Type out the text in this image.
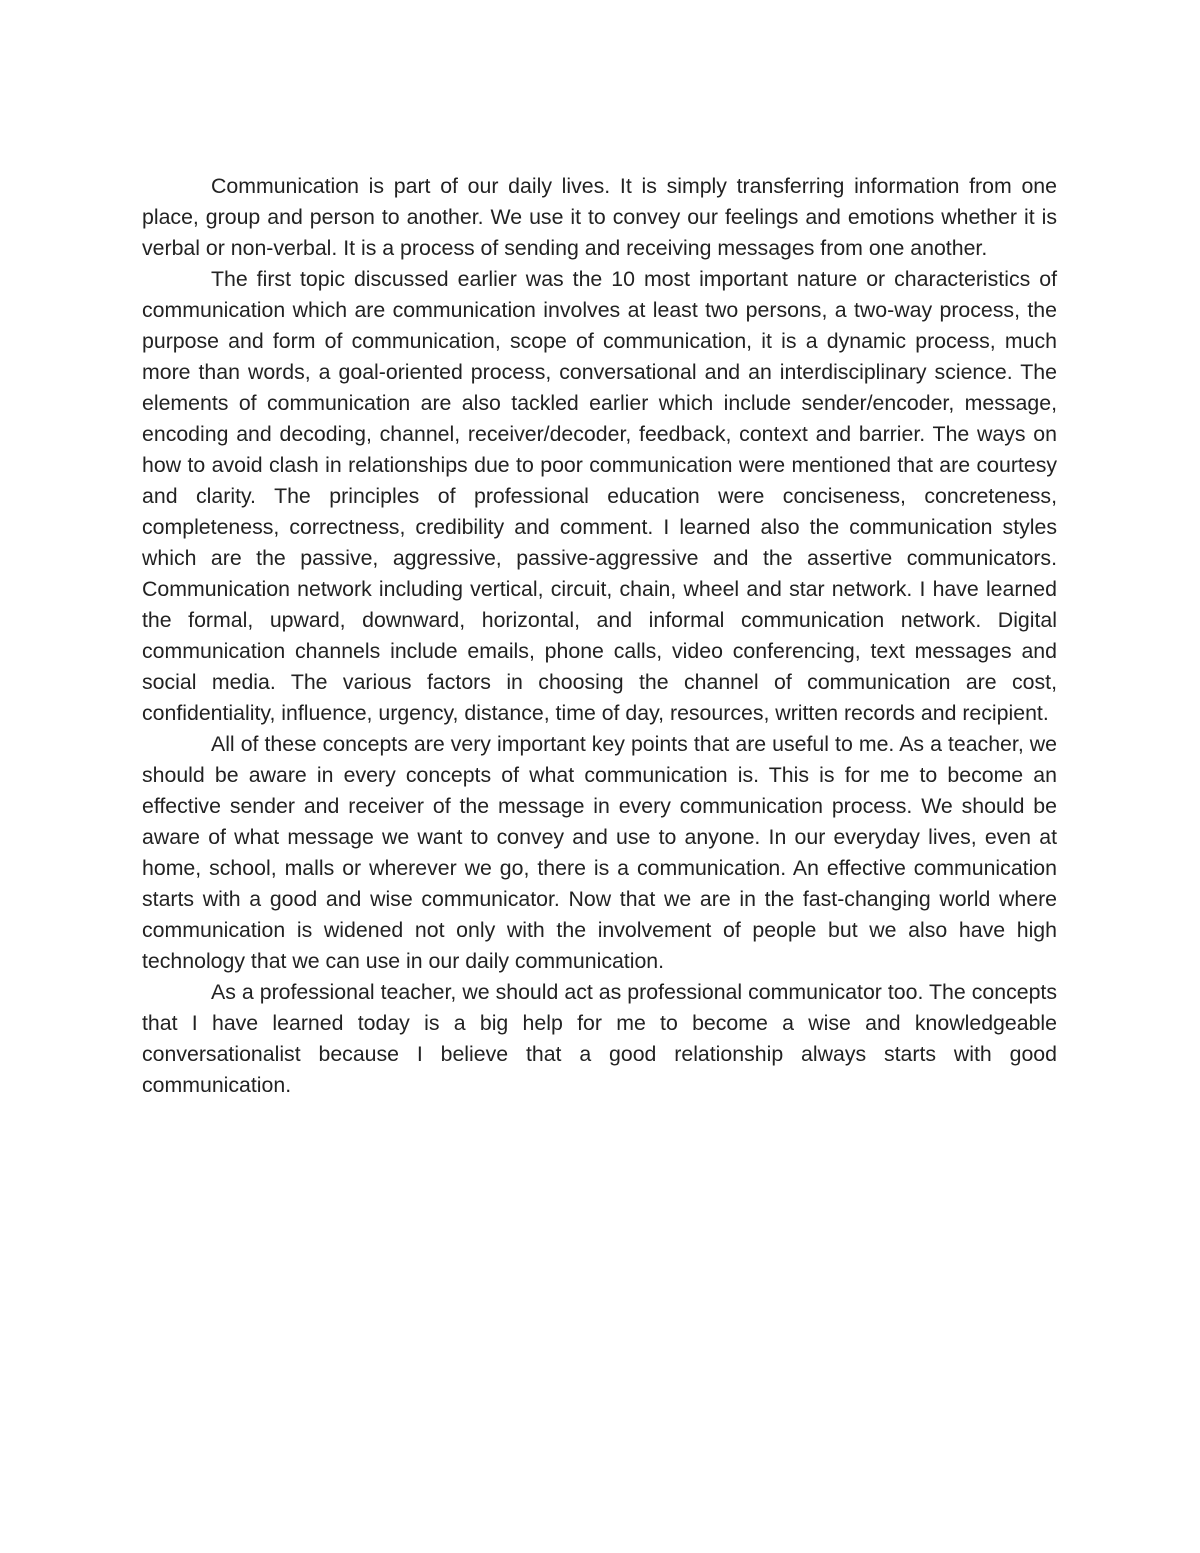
Communication is part of our daily lives. It is simply transferring information from one place, group and person to another. We use it to convey our feelings and emotions whether it is verbal or non-verbal. It is a process of sending and receiving messages from one another.

The first topic discussed earlier was the 10 most important nature or characteristics of communication which are communication involves at least two persons, a two-way process, the purpose and form of communication, scope of communication, it is a dynamic process, much more than words, a goal-oriented process, conversational and an interdisciplinary science. The elements of communication are also tackled earlier which include sender/encoder, message, encoding and decoding, channel, receiver/decoder, feedback, context and barrier. The ways on how to avoid clash in relationships due to poor communication were mentioned that are courtesy and clarity. The principles of professional education were conciseness, concreteness, completeness, correctness, credibility and comment. I learned also the communication styles which are the passive, aggressive, passive-aggressive and the assertive communicators. Communication network including vertical, circuit, chain, wheel and star network. I have learned the formal, upward, downward, horizontal, and informal communication network. Digital communication channels include emails, phone calls, video conferencing, text messages and social media. The various factors in choosing the channel of communication are cost, confidentiality, influence, urgency, distance, time of day, resources, written records and recipient.

All of these concepts are very important key points that are useful to me. As a teacher, we should be aware in every concepts of what communication is. This is for me to become an effective sender and receiver of the message in every communication process. We should be aware of what message we want to convey and use to anyone. In our everyday lives, even at home, school, malls or wherever we go, there is a communication. An effective communication starts with a good and wise communicator. Now that we are in the fast-changing world where communication is widened not only with the involvement of people but we also have high technology that we can use in our daily communication.

As a professional teacher, we should act as professional communicator too. The concepts that I have learned today is a big help for me to become a wise and knowledgeable conversationalist because I believe that a good relationship always starts with good communication.
